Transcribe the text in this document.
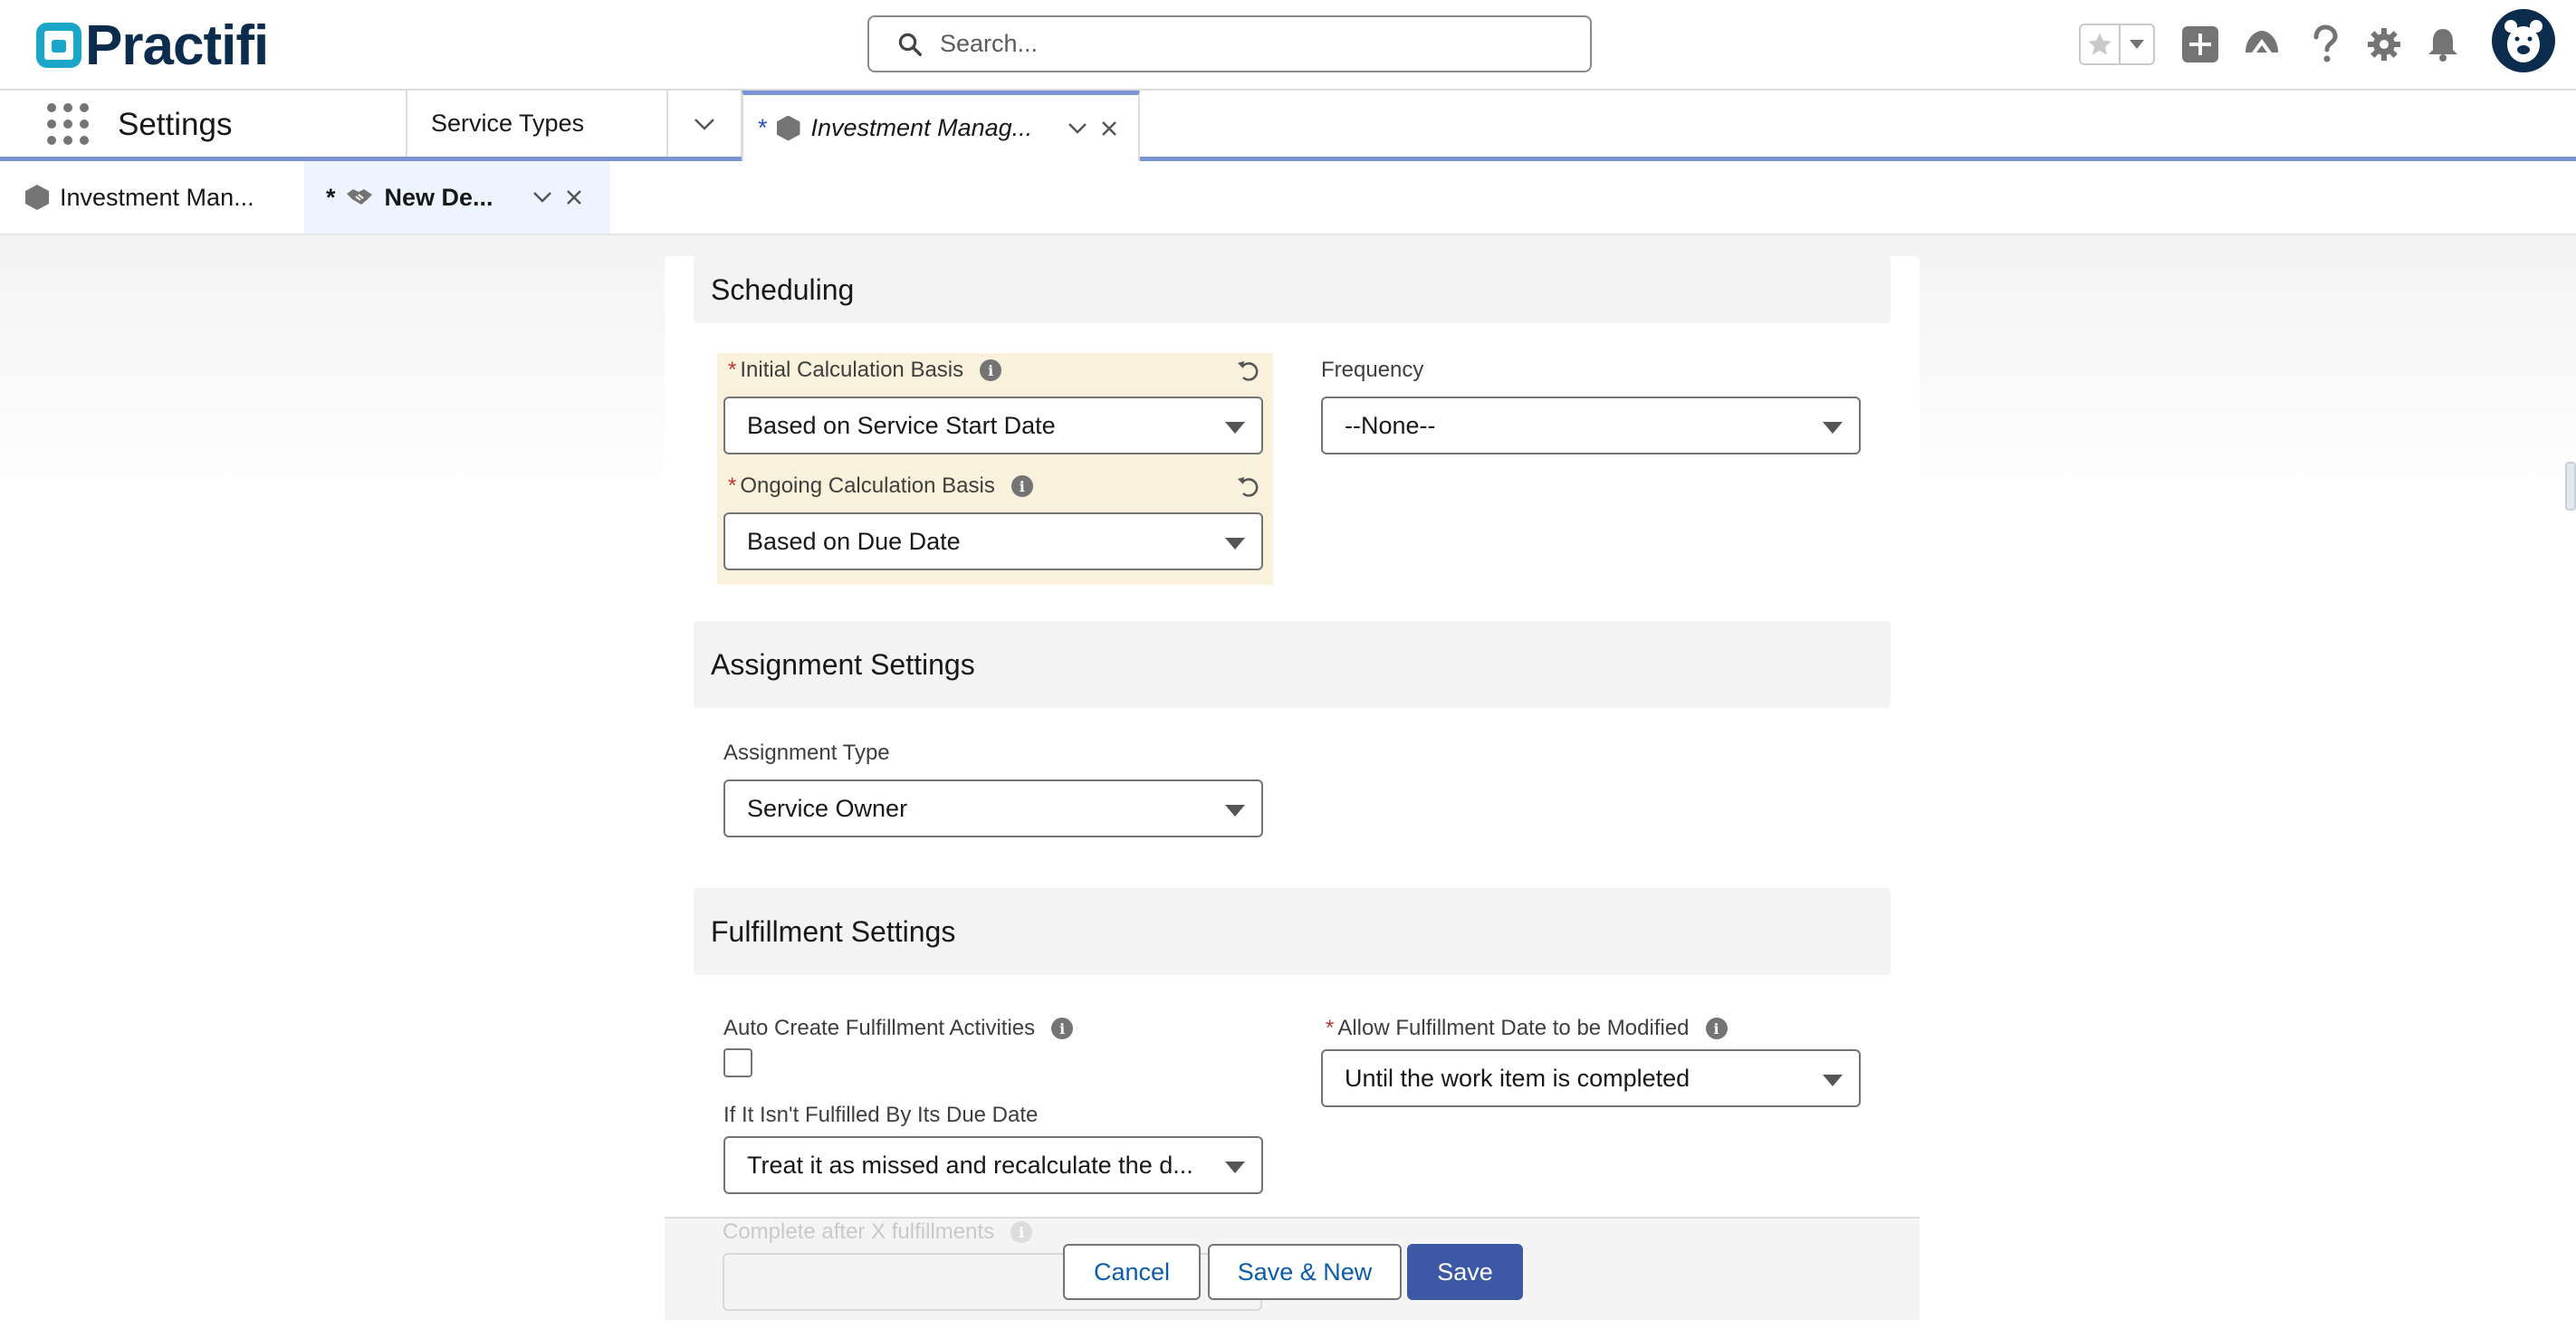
Practifi
Search...
Settings	Service Types	* Investment Manag...
Investment Man...	* New De...
Scheduling
* Initial Calculation Basis	i
Based on Service Start Date
* Ongoing Calculation Basis	i
Based on Due Date
Frequency
--None--
Assignment Settings
Assignment Type
Service Owner
Fulfillment Settings
Auto Create Fulfillment Activities	i
If It Isn't Fulfilled By Its Due Date
Treat it as missed and recalculate the d...
* Allow Fulfillment Date to be Modified	i
Until the work item is completed
Complete after X fulfillments	i
Cancel	Save & New	Save
